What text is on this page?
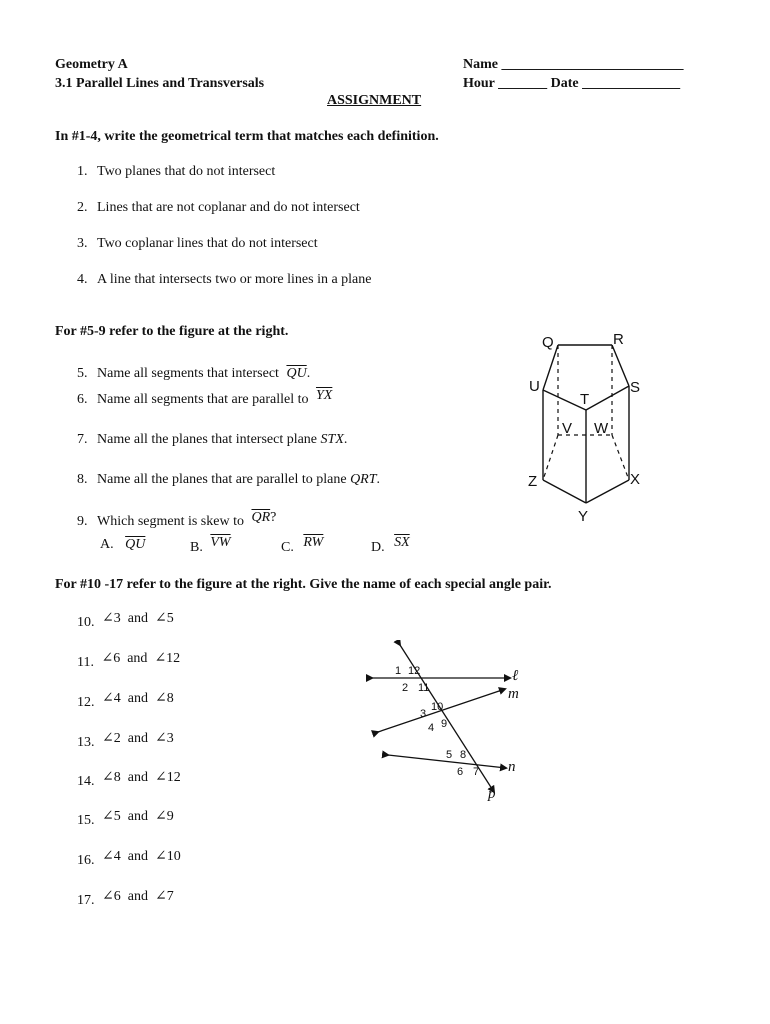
Geometry A
3.1 Parallel Lines and Transversals
Name __________________________
Hour _______ Date ______________
ASSIGNMENT
In #1-4, write the geometrical term that matches each definition.
1. Two planes that do not intersect
2. Lines that are not coplanar and do not intersect
3. Two coplanar lines that do not intersect
4. A line that intersects two or more lines in a plane
For #5-9 refer to the figure at the right.
5. Name all segments that intersect $\overline{QU}$.
6. Name all segments that are parallel to $\overline{YX}$
7. Name all the planes that intersect plane STX.
8. Name all the planes that are parallel to plane QRT.
9. Which segment is skew to $\overline{QR}$?
A. $\overline{QU}$	B. $\overline{VW}$	C. $\overline{RW}$	D. $\overline{SX}$
Q	R
U	S
T
V W
Z	X
Y
For #10 -17 refer to the figure at the right. Give the name of each special angle pair.
10. ∠3 and ∠5
11. ∠6 and ∠12
12. ∠4 and ∠8
13. ∠2 and ∠3
14. ∠8 and ∠12
15. ∠5 and ∠9
16. ∠4 and ∠10
17. ∠6 and ∠7
1 12
2 11
3
10
4 9
5 8
6 7
ℓ
m
n
p
